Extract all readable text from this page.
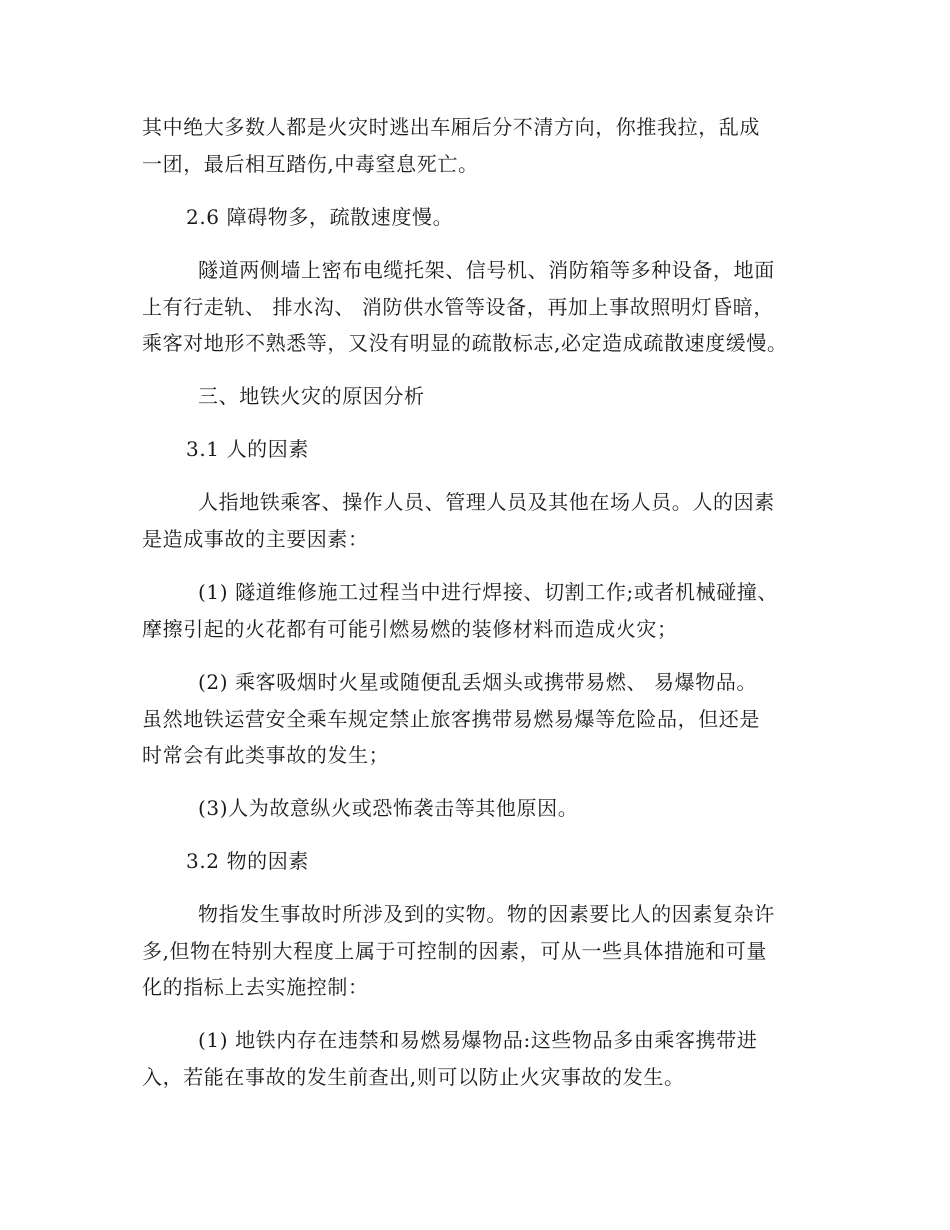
其中绝大多数人都是火灾时逃出车厢后分不清方向，你推我拉，乱成

一团，最后相互踏伤,中毒窒息死亡。

2.6 障碍物多，疏散速度慢。

隧道两侧墙上密布电缆托架、信号机、消防箱等多种设备，地面

上有行走轨、 排水沟、 消防供水管等设备，再加上事故照明灯昏暗，

乘客对地形不熟悉等，又没有明显的疏散标志,必定造成疏散速度缓慢。

三、地铁火灾的原因分析

3.1 人的因素

人指地铁乘客、操作人员、管理人员及其他在场人员。人的因素

是造成事故的主要因素：

(1) 隧道维修施工过程当中进行焊接、切割工作;或者机械碰撞、

摩擦引起的火花都有可能引燃易燃的装修材料而造成火灾；

(2) 乘客吸烟时火星或随便乱丢烟头或携带易燃、 易爆物品。

虽然地铁运营安全乘车规定禁止旅客携带易燃易爆等危险品，但还是

时常会有此类事故的发生；

(3)人为故意纵火或恐怖袭击等其他原因。

3.2 物的因素

物指发生事故时所涉及到的实物。物的因素要比人的因素复杂许

多,但物在特别大程度上属于可控制的因素，可从一些具体措施和可量

化的指标上去实施控制：

(1) 地铁内存在违禁和易燃易爆物品:这些物品多由乘客携带进

入，若能在事故的发生前查出,则可以防止火灾事故的发生。
